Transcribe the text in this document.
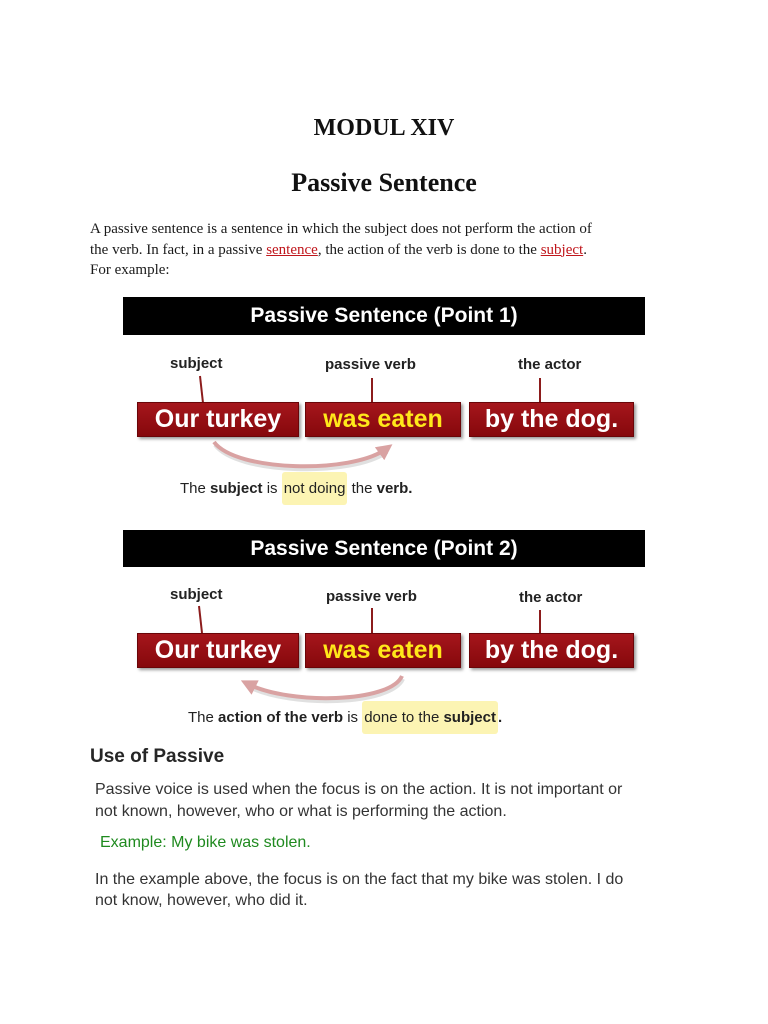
MODUL XIV
Passive Sentence
A passive sentence is a sentence in which the subject does not perform the action of
the verb. In fact, in a passive sentence, the action of the verb is done to the subject.
For example:
Passive Sentence (Point 1)
subject	passive verb	the actor
Our turkey	was eaten	by the dog.
The subject is not doing the verb.
Passive Sentence (Point 2)
subject	passive verb	the actor
Our turkey	was eaten	by the dog.
The action of the verb is done to the subject .
Use of Passive
Passive voice is used when the focus is on the action. It is not important or
not known, however, who or what is performing the action.
Example: My bike was stolen.
In the example above, the focus is on the fact that my bike was stolen. I do
not know, however, who did it.
